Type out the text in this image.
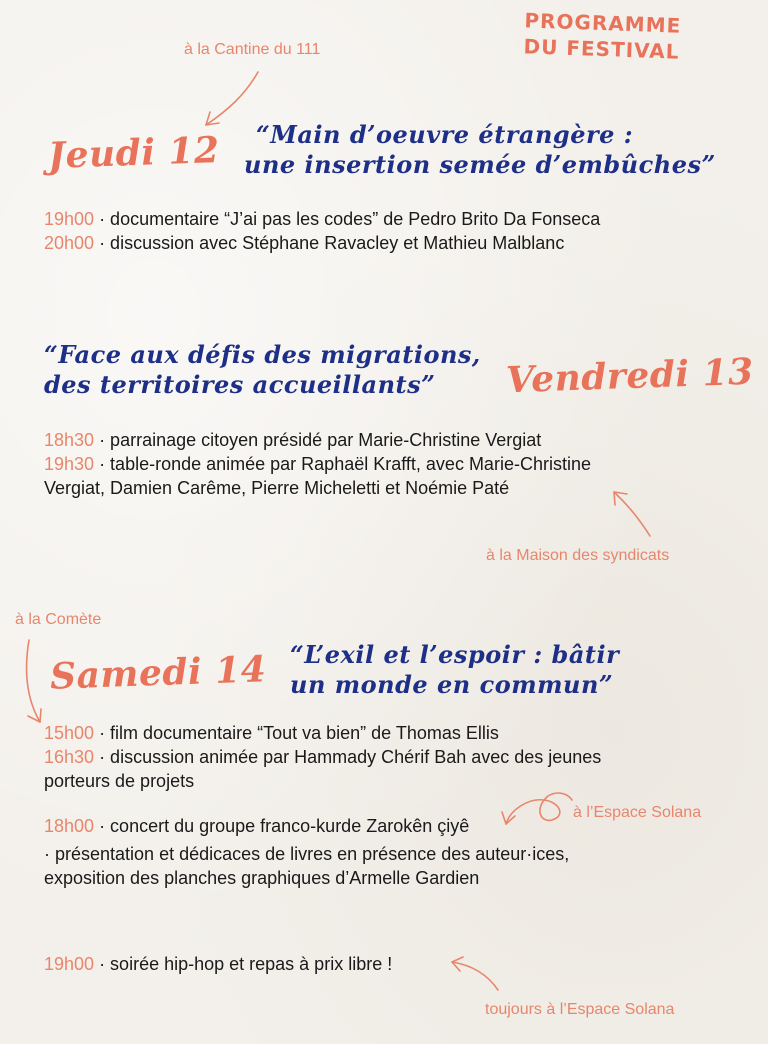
PROGRAMME
DU FESTIVAL
à la Cantine du 111
Jeudi 12	“Main d’oeuvre étrangère :
une insertion semée d’embûches”
19h00 · documentaire “J’ai pas les codes” de Pedro Brito Da Fonseca
20h00 · discussion avec Stéphane Ravacley et Mathieu Malblanc
“Face aux défis des migrations,
des territoires accueillants”	Vendredi 13
18h30 · parrainage citoyen présidé par Marie-Christine Vergiat
19h30 · table-ronde animée par Raphaël Krafft, avec Marie-Christine
Vergiat, Damien Carême, Pierre Micheletti et Noémie Paté
à la Maison des syndicats
à la Comète
Samedi 14 “L’exil et l’espoir : bâtir
un monde en commun”
15h00 · film documentaire “Tout va bien” de Thomas Ellis
16h30 · discussion animée par Hammady Chérif Bah avec des jeunes
porteurs de projets
18h00 · concert du groupe franco-kurde Zarokên çiyê
· présentation et dédicaces de livres en présence des auteur·ices,
exposition des planches graphiques d’Armelle Gardien
à l’Espace Solana
19h00 · soirée hip-hop et repas à prix libre !
toujours à l’Espace Solana
